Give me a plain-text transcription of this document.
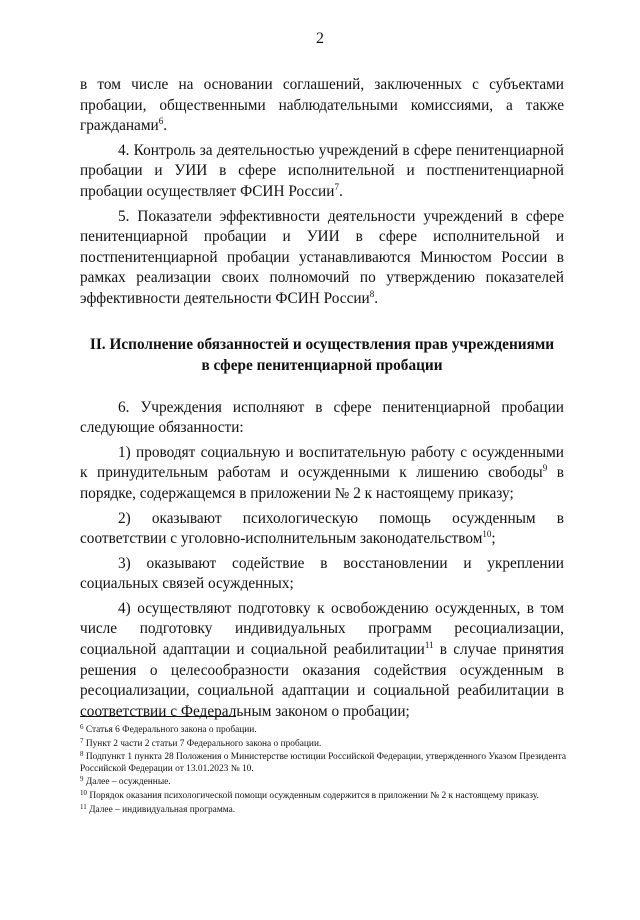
2

в том числе на основании соглашений, заключенных с субъектами пробации, общественными наблюдательными комиссиями, а также гражданами$^6$.

4. Контроль за деятельностью учреждений в сфере пенитенциарной пробации и УИИ в сфере исполнительной и постпенитенциарной пробации осуществляет ФСИН России$^7$.

5. Показатели эффективности деятельности учреждений в сфере пенитенциарной пробации и УИИ в сфере исполнительной и постпенитенциарной пробации устанавливаются Минюстом России в рамках реализации своих полномочий по утверждению показателей эффективности деятельности ФСИН России$^8$.

II. Исполнение обязанностей и осуществления прав учреждениями
в сфере пенитенциарной пробации

6. Учреждения исполняют в сфере пенитенциарной пробации следующие обязанности:

1) проводят социальную и воспитательную работу с осужденными к принудительным работам и осужденными к лишению свободы$^9$ в порядке, содержащемся в приложении № 2 к настоящему приказу;

2) оказывают психологическую помощь осужденным в соответствии с уголовно-исполнительным законодательством$^{10}$;

3) оказывают содействие в восстановлении и укреплении социальных связей осужденных;

4) осуществляют подготовку к освобождению осужденных, в том числе подготовку индивидуальных программ ресоциализации, социальной адаптации и социальной реабилитации$^{11}$ в случае принятия решения о целесообразности оказания содействия осужденным в ресоциализации, социальной адаптации и социальной реабилитации в соответствии с Федеральным законом о пробации;

$^6$ Статья 6 Федерального закона о пробации.

$^7$ Пункт 2 части 2 статьи 7 Федерального закона о пробации.

$^8$ Подпункт 1 пункта 28 Положения о Министерстве юстиции Российской Федерации, утвержденного Указом Президента Российской Федерации от 13.01.2023 № 10.

$^9$ Далее – осужденные.

$^{10}$ Порядок оказания психологической помощи осужденным содержится в приложении № 2 к настоящему приказу.

$^{11}$ Далее – индивидуальная программа.
